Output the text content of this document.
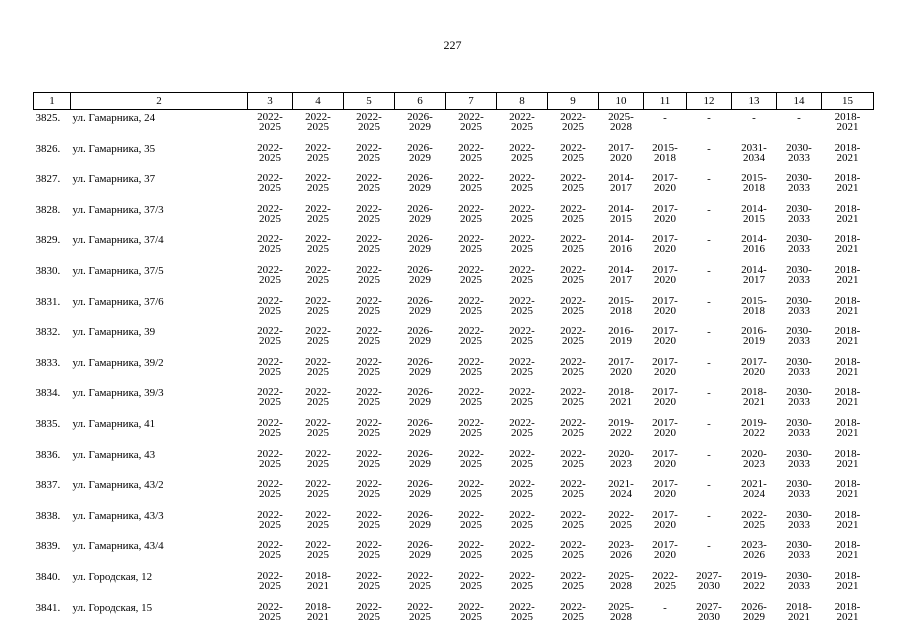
227
1	2	3	4	5	6	7	8	9	10	11	12	13	14	15
3825.	ул. Гамарника, 24	2022-
2025	2022-
2025	2022-
2025	2026-
2029	2022-
2025	2022-
2025	2022-
2025	2025-
2028	-	-	-	-	2018-
2021

3826.	ул. Гамарника, 35	2022-
2025	2022-
2025	2022-
2025	2026-
2029	2022-
2025	2022-
2025	2022-
2025	2017-
2020	2015-
2018	-	2031-
2034	2030-
2033	2018-
2021

3827.	ул. Гамарника, 37	2022-
2025	2022-
2025	2022-
2025	2026-
2029	2022-
2025	2022-
2025	2022-
2025	2014-
2017	2017-
2020	-	2015-
2018	2030-
2033	2018-
2021

3828.	ул. Гамарника, 37/3	2022-
2025	2022-
2025	2022-
2025	2026-
2029	2022-
2025	2022-
2025	2022-
2025	2014-
2015	2017-
2020	-	2014-
2015	2030-
2033	2018-
2021

3829.	ул. Гамарника, 37/4	2022-
2025	2022-
2025	2022-
2025	2026-
2029	2022-
2025	2022-
2025	2022-
2025	2014-
2016	2017-
2020	-	2014-
2016	2030-
2033	2018-
2021

3830.	ул. Гамарника, 37/5	2022-
2025	2022-
2025	2022-
2025	2026-
2029	2022-
2025	2022-
2025	2022-
2025	2014-
2017	2017-
2020	-	2014-
2017	2030-
2033	2018-
2021

3831.	ул. Гамарника, 37/6	2022-
2025	2022-
2025	2022-
2025	2026-
2029	2022-
2025	2022-
2025	2022-
2025	2015-
2018	2017-
2020	-	2015-
2018	2030-
2033	2018-
2021

3832.	ул. Гамарника, 39	2022-
2025	2022-
2025	2022-
2025	2026-
2029	2022-
2025	2022-
2025	2022-
2025	2016-
2019	2017-
2020	-	2016-
2019	2030-
2033	2018-
2021

3833.	ул. Гамарника, 39/2	2022-
2025	2022-
2025	2022-
2025	2026-
2029	2022-
2025	2022-
2025	2022-
2025	2017-
2020	2017-
2020	-	2017-
2020	2030-
2033	2018-
2021

3834.	ул. Гамарника, 39/3	2022-
2025	2022-
2025	2022-
2025	2026-
2029	2022-
2025	2022-
2025	2022-
2025	2018-
2021	2017-
2020	-	2018-
2021	2030-
2033	2018-
2021

3835.	ул. Гамарника, 41	2022-
2025	2022-
2025	2022-
2025	2026-
2029	2022-
2025	2022-
2025	2022-
2025	2019-
2022	2017-
2020	-	2019-
2022	2030-
2033	2018-
2021

3836.	ул. Гамарника, 43	2022-
2025	2022-
2025	2022-
2025	2026-
2029	2022-
2025	2022-
2025	2022-
2025	2020-
2023	2017-
2020	-	2020-
2023	2030-
2033	2018-
2021

3837.	ул. Гамарника, 43/2	2022-
2025	2022-
2025	2022-
2025	2026-
2029	2022-
2025	2022-
2025	2022-
2025	2021-
2024	2017-
2020	-	2021-
2024	2030-
2033	2018-
2021

3838.	ул. Гамарника, 43/3	2022-
2025	2022-
2025	2022-
2025	2026-
2029	2022-
2025	2022-
2025	2022-
2025	2022-
2025	2017-
2020	-	2022-
2025	2030-
2033	2018-
2021

3839.	ул. Гамарника, 43/4	2022-
2025	2022-
2025	2022-
2025	2026-
2029	2022-
2025	2022-
2025	2022-
2025	2023-
2026	2017-
2020	-	2023-
2026	2030-
2033	2018-
2021

3840.	ул. Городская, 12	2022-
2025	2018-
2021	2022-
2025	2022-
2025	2022-
2025	2022-
2025	2022-
2025	2025-
2028	2022-
2025	2027-
2030	2019-
2022	2030-
2033	2018-
2021

3841.	ул. Городская, 15	2022-
2025	2018-
2021	2022-
2025	2022-
2025	2022-
2025	2022-
2025	2022-
2025	2025-
2028	-	2027-
2030	2026-
2029	2018-
2021	2018-
2021
